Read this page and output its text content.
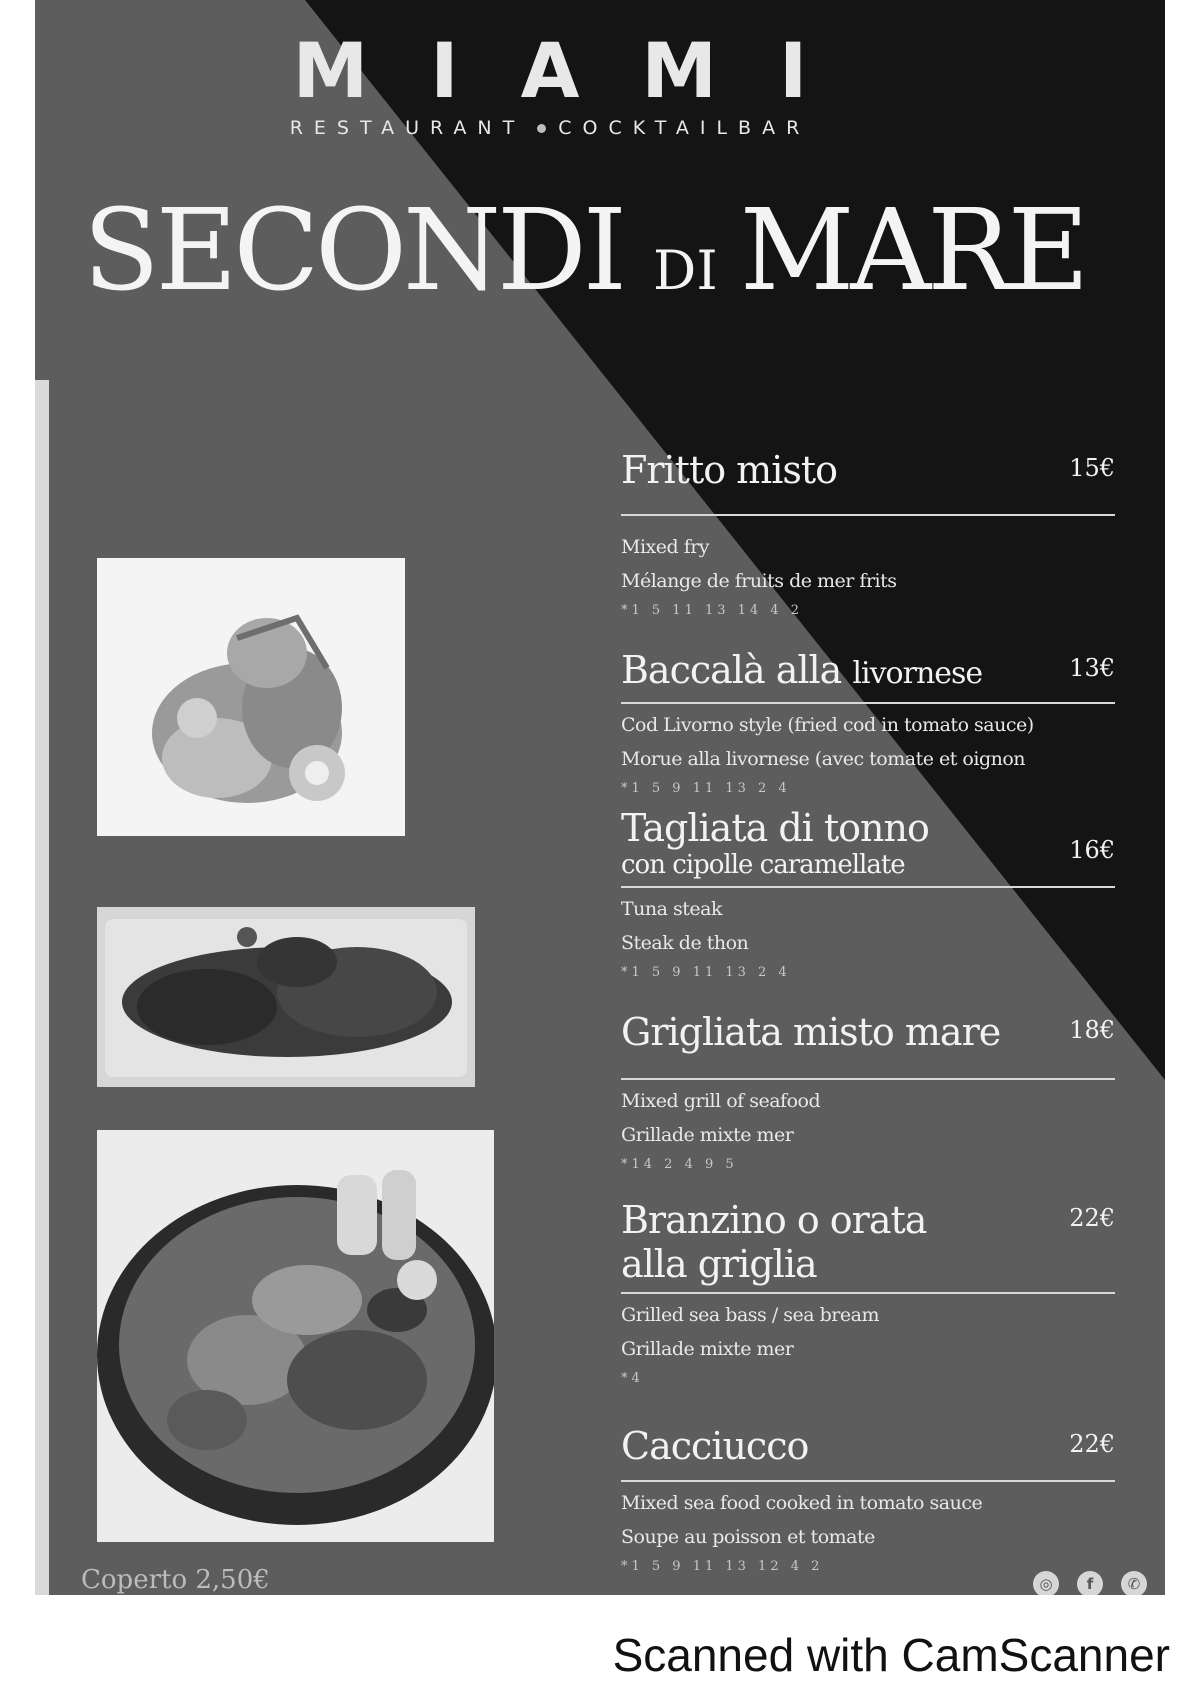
MIAMI
RESTAURANT COCKTAILBAR
SECONDI DI MARE
Fritto misto	15€
Mixed fry
Mélange de fruits de mer frits
*1 5 11 13 14 4 2
Baccalà alla livornese	13€
Cod Livorno style (fried cod in tomato sauce)
Morue alla livornese (avec tomate et oignon
*1 5 9 11 13 2 4
Tagliata di tonno
con cipolle caramellate	16€
Tuna steak
Steak de thon
*1 5 9 11 13 2 4
Grigliata misto mare	18€
Mixed grill of seafood
Grillade mixte mer
*14 2 4 9 5
Branzino o orata
alla griglia
22€
Grilled sea bass / sea bream
Grillade mixte mer
*4
Cacciucco	22€
Mixed sea food cooked in tomato sauce
Soupe au poisson et tomate
*1 5 9 11 13 12 4 2
Coperto 2,50€	◎	f	✆
Scanned with CamScanner
